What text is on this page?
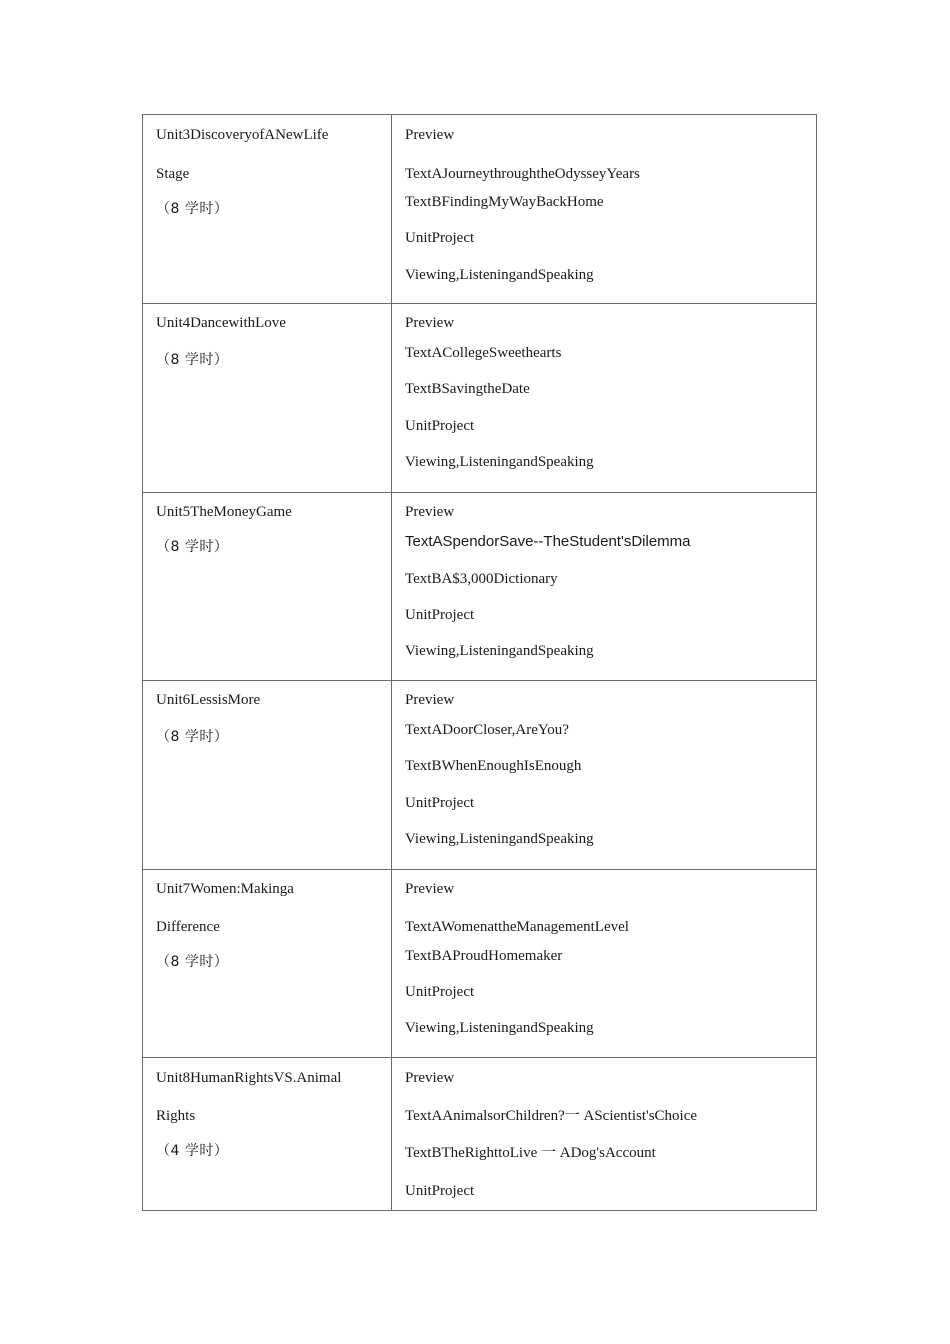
Unit3DiscoveryofANewLife
Stage
（8 学时）	Preview
TextAJourneythroughtheOdysseyYears
TextBFindingMyWayBackHome
UnitProject
Viewing,ListeningandSpeaking

Unit4DancewithLove
（8 学时）	Preview
TextACollegeSweethearts
TextBSavingtheDate
UnitProject
Viewing,ListeningandSpeaking

Unit5TheMoneyGame
（8 学时）	Preview
TextASpendorSave--TheStudent'sDilemma
TextBA$3,000Dictionary
UnitProject
Viewing,ListeningandSpeaking

Unit6LessisMore
（8 学时）	Preview
TextADoorCloser,AreYou?
TextBWhenEnoughIsEnough
UnitProject
Viewing,ListeningandSpeaking

Unit7Women:Makinga
Difference
（8 学时）	Preview
TextAWomenattheManagementLevel
TextBAProudHomemaker
UnitProject
Viewing,ListeningandSpeaking

Unit8HumanRightsVS.Animal
Rights
（4 学时）	Preview
TextAAnimalsorChildren?一 AScientist'sChoice
TextBTheRighttoLive 一 ADog'sAccount
UnitProject
